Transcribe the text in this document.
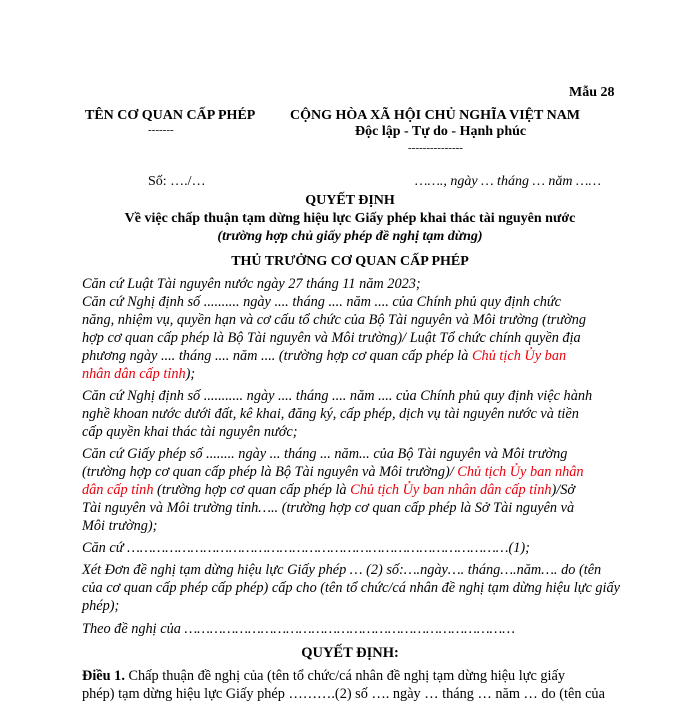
Mẫu 28
TÊN CƠ QUAN CẤP PHÉP
-------
CỘNG HÒA XÃ HỘI CHỦ NGHĨA VIỆT NAM
Độc lập - Tự do - Hạnh phúc
---------------
Số: …./…	……., ngày … tháng … năm ……
QUYẾT ĐỊNH
Về việc chấp thuận tạm dừng hiệu lực Giấy phép khai thác tài nguyên nước
(trường hợp chủ giấy phép đề nghị tạm dừng)
THỦ TRƯỞNG CƠ QUAN CẤP PHÉP
Căn cứ Luật Tài nguyên nước ngày 27 tháng 11 năm 2023;
Căn cứ Nghị định số .......... ngày .... tháng .... năm .... của Chính phủ quy định chức
năng, nhiệm vụ, quyền hạn và cơ cấu tổ chức của Bộ Tài nguyên và Môi trường (trường
hợp cơ quan cấp phép là Bộ Tài nguyên và Môi trường)/ Luật Tổ chức chính quyền địa
phương ngày .... tháng .... năm .... (trường hợp cơ quan cấp phép là Chủ tịch Ủy ban
nhân dân cấp tỉnh);
Căn cứ Nghị định số ........... ngày .... tháng .... năm .... của Chính phủ quy định việc hành
nghề khoan nước dưới đất, kê khai, đăng ký, cấp phép, dịch vụ tài nguyên nước và tiền
cấp quyền khai thác tài nguyên nước;
Căn cứ Giấy phép số ........ ngày ... tháng ... năm... của Bộ Tài nguyên và Môi trường
(trường hợp cơ quan cấp phép là Bộ Tài nguyên và Môi trường)/ Chủ tịch Ủy ban nhân
dân cấp tỉnh (trường hợp cơ quan cấp phép là Chủ tịch Ủy ban nhân dân cấp tỉnh)/Sở
Tài nguyên và Môi trường tỉnh….. (trường hợp cơ quan cấp phép là Sở Tài nguyên và
Môi trường);
Căn cứ ………………………………………………………………………………(1);
Xét Đơn đề nghị tạm dừng hiệu lực Giấy phép … (2) số:….ngày…. tháng….năm…. do (tên
của cơ quan cấp phép cấp phép) cấp cho (tên tổ chức/cá nhân đề nghị tạm dừng hiệu lực giấy
phép);
Theo đề nghị của ……………………………………………………………………
QUYẾT ĐỊNH:
Điều 1. Chấp thuận đề nghị của (tên tổ chức/cá nhân đề nghị tạm dừng hiệu lực giấy
phép) tạm dừng hiệu lực Giấy phép ……….(2) số …. ngày … tháng … năm … do (tên của
